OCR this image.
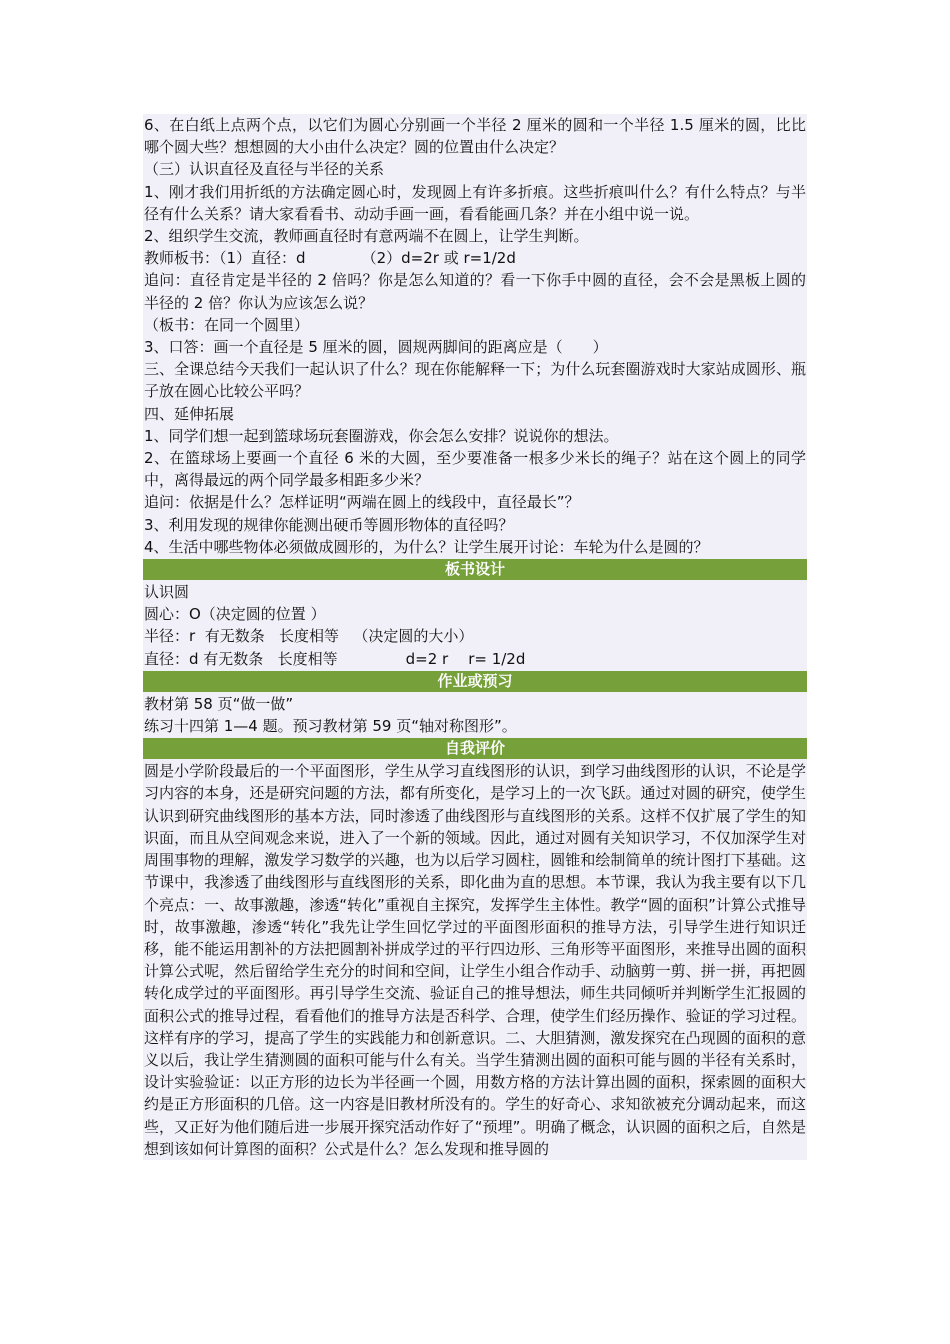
6、在白纸上点两个点，以它们为圆心分别画一个半径 2 厘米的圆和一个半径 1.5 厘米的圆，比比哪个圆大些？想想圆的大小由什么决定？圆的位置由什么决定？

（三）认识直径及直径与半径的关系

1、刚才我们用折纸的方法确定圆心时，发现圆上有许多折痕。这些折痕叫什么？有什么特点？与半径有什么关系？请大家看看书、动动手画一画，看看能画几条？并在小组中说一说。

2、组织学生交流，教师画直径时有意两端不在圆上，让学生判断。

教师板书：（1）直径：d	（2）d=2r 或 r=1/2d

追问：直径肯定是半径的 2 倍吗？你是怎么知道的？看一下你手中圆的直径，会不会是黑板上圆的半径的 2 倍？你认为应该怎么说？

（板书：在同一个圆里）

3、口答：画一个直径是 5 厘米的圆，圆规两脚间的距离应是（　　）

三、全课总结今天我们一起认识了什么？现在你能解释一下；为什么玩套圈游戏时大家站成圆形、瓶子放在圆心比较公平吗？

四、延伸拓展

1、同学们想一起到篮球场玩套圈游戏，你会怎么安排？说说你的想法。

2、在篮球场上要画一个直径 6 米的大圆，至少要准备一根多少米长的绳子？站在这个圆上的同学中，离得最远的两个同学最多相距多少米？

追问：依据是什么？怎样证明“两端在圆上的线段中，直径最长”？

3、利用发现的规律你能测出硬币等圆形物体的直径吗？

4、生活中哪些物体必须做成圆形的，为什么？让学生展开讨论：车轮为什么是圆的？

板书设计

认识圆

圆心：O（决定圆的位置 ）

半径：r  有无数条   长度相等   （决定圆的大小）

直径：d 有无数条   长度相等	d=2 r r= 1/2d

作业或预习

教材第 58 页“做一做”

练习十四第 1—4 题。预习教材第 59 页“轴对称图形”。

自我评价

圆是小学阶段最后的一个平面图形，学生从学习直线图形的认识，到学习曲线图形的认识，不论是学习内容的本身，还是研究问题的方法，都有所变化，是学习上的一次飞跃。通过对圆的研究，使学生认识到研究曲线图形的基本方法，同时渗透了曲线图形与直线图形的关系。这样不仅扩展了学生的知识面，而且从空间观念来说，进入了一个新的领域。因此，通过对圆有关知识学习，不仅加深学生对周围事物的理解，激发学习数学的兴趣，也为以后学习圆柱，圆锥和绘制简单的统计图打下基础。这节课中，我渗透了曲线图形与直线图形的关系，即化曲为直的思想。本节课，我认为我主要有以下几个亮点：一、故事激趣，渗透“转化”重视自主探究，发挥学生主体性。教学“圆的面积”计算公式推导时，故事激趣，渗透“转化”我先让学生回忆学过的平面图形面积的推导方法，引导学生进行知识迁移，能不能运用割补的方法把圆割补拼成学过的平行四边形、三角形等平面图形，来推导出圆的面积计算公式呢，然后留给学生充分的时间和空间，让学生小组合作动手、动脑剪一剪、拼一拼，再把圆转化成学过的平面图形。再引导学生交流、验证自己的推导想法，师生共同倾听并判断学生汇报圆的面积公式的推导过程，看看他们的推导方法是否科学、合理，使学生们经历操作、验证的学习过程。这样有序的学习，提高了学生的实践能力和创新意识。二、大胆猜测，激发探究在凸现圆的面积的意义以后，我让学生猜测圆的面积可能与什么有关。当学生猜测出圆的面积可能与圆的半径有关系时，设计实验验证：以正方形的边长为半径画一个圆，用数方格的方法计算出圆的面积，探索圆的面积大约是正方形面积的几倍。这一内容是旧教材所没有的。学生的好奇心、求知欲被充分调动起来，而这些，又正好为他们随后进一步展开探究活动作好了“预埋”。明确了概念，认识圆的面积之后，自然是想到该如何计算图的面积？公式是什么？怎么发现和推导圆的
